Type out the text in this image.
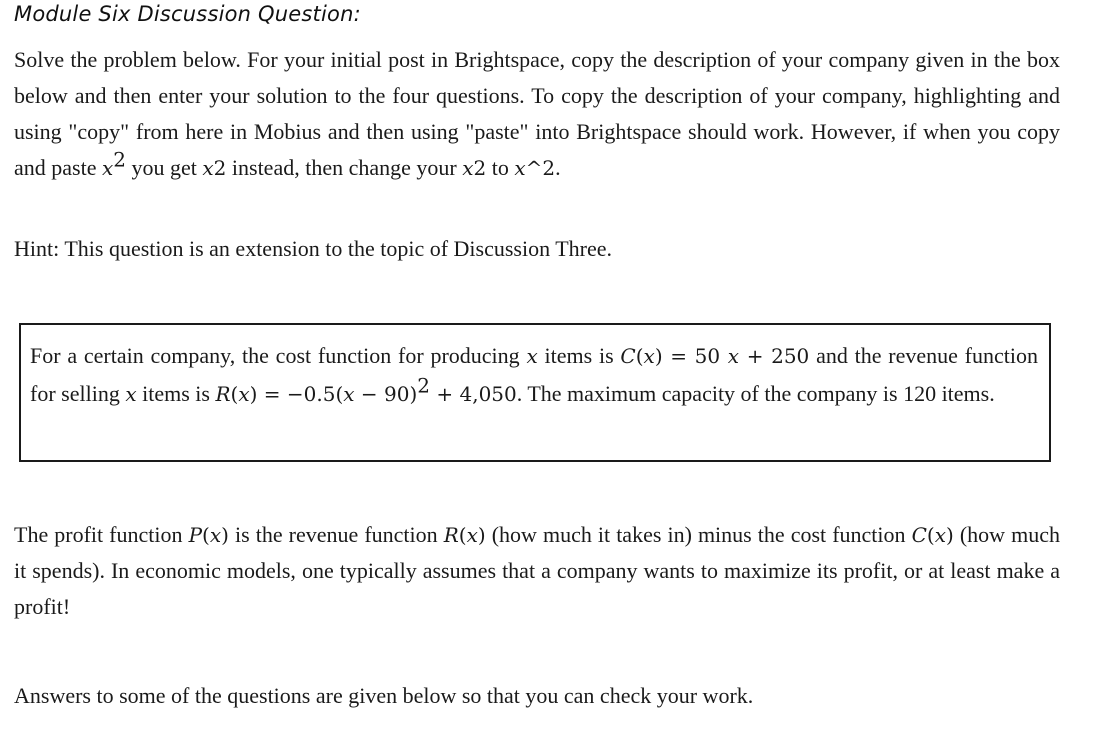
Module Six Discussion Question:

Solve the problem below. For your initial post in Brightspace, copy the description of your company given in the box below and then enter your solution to the four questions. To copy the description of your company, highlighting and using "copy" from here in Mobius and then using "paste" into Brightspace should work. However, if when you copy and paste $x^2$ you get x2 instead, then change your x2 to x^2.

Hint: This question is an extension to the topic of Discussion Three.

For a certain company, the cost function for producing x items is C(x) = 50 x + 250 and the revenue function for selling x items is $R(x) = -0.5(x - 90)^2 + 4,050$. The maximum capacity of the company is 120 items.

The profit function P(x) is the revenue function R(x) (how much it takes in) minus the cost function C(x) (how much it spends). In economic models, one typically assumes that a company wants to maximize its profit, or at least make a profit!

Answers to some of the questions are given below so that you can check your work.
